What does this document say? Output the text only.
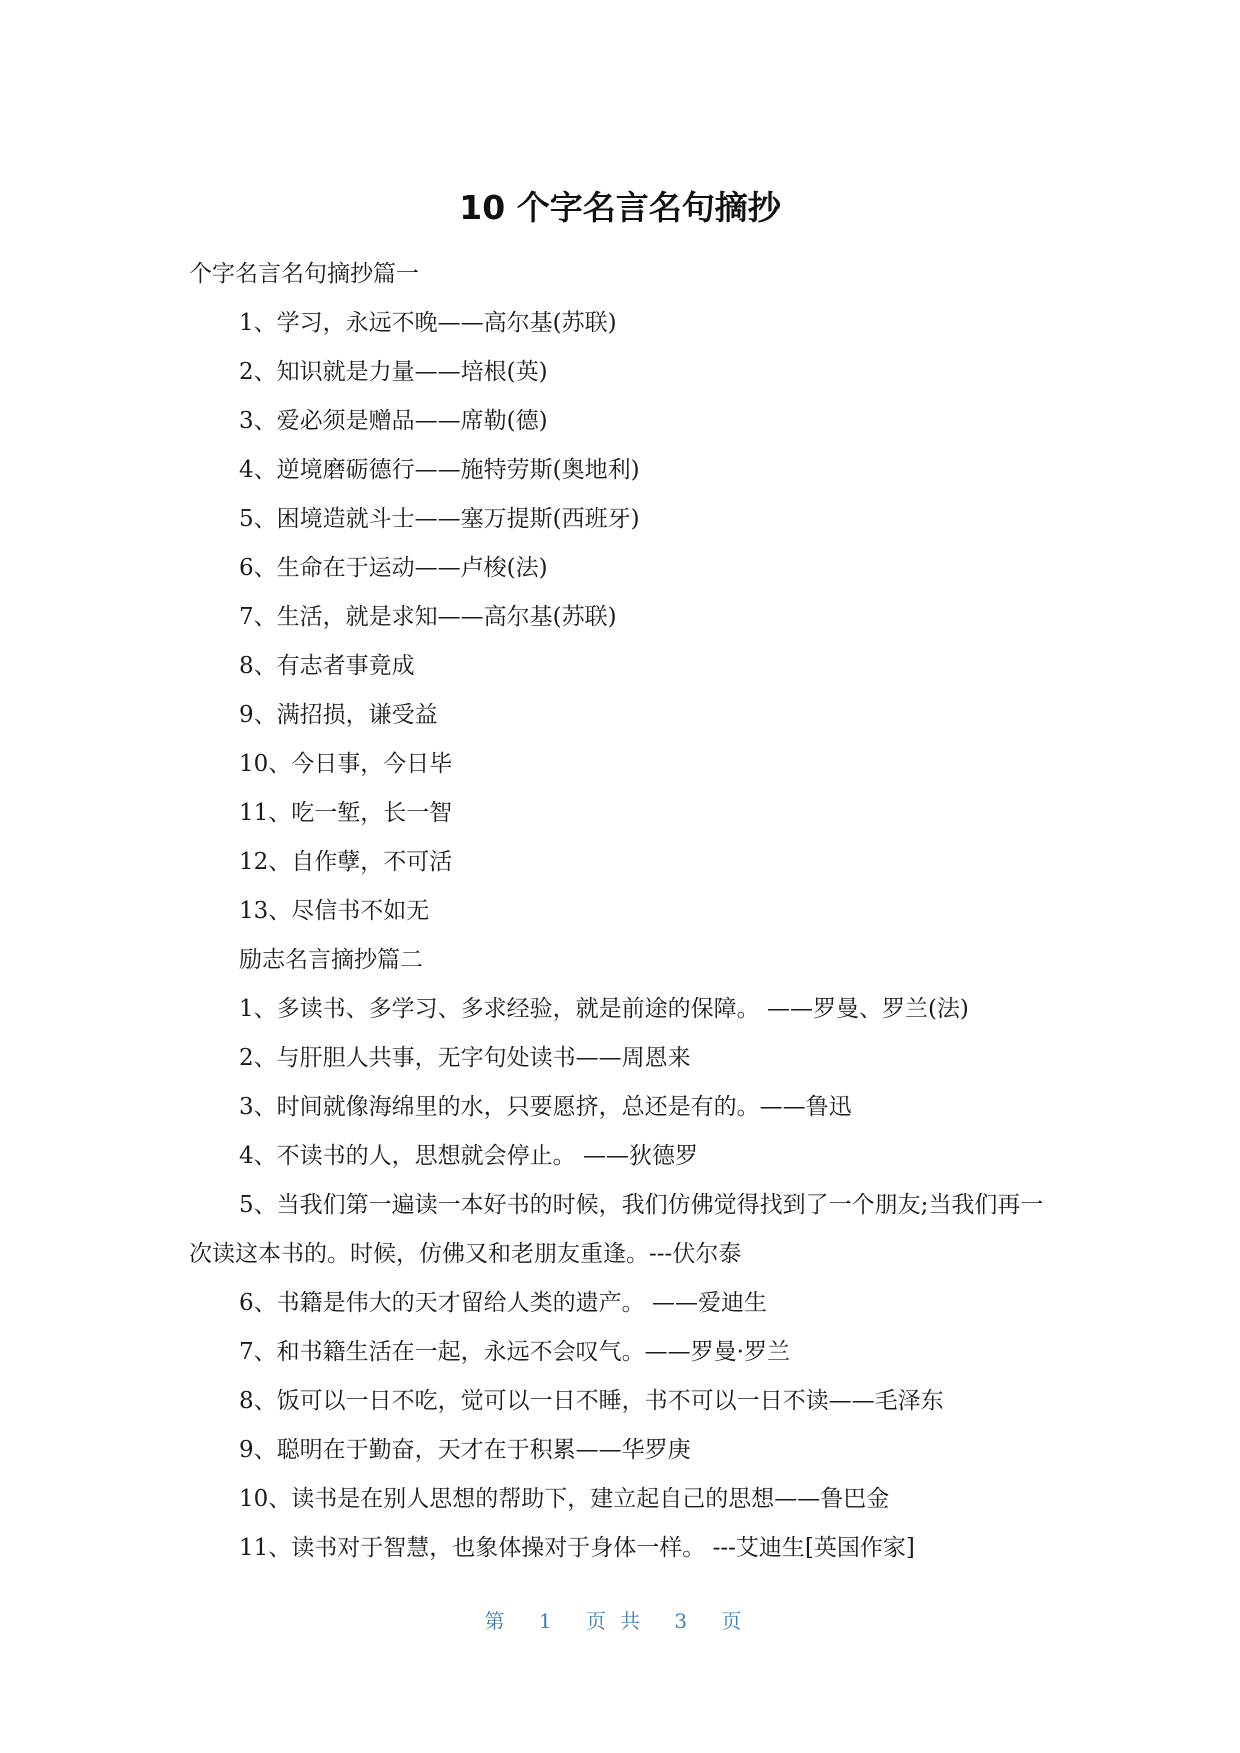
10 个字名言名句摘抄

个字名言名句摘抄篇一

1、学习，永远不晚——高尔基(苏联)

2、知识就是力量——培根(英)

3、爱必须是赠品——席勒(德)

4、逆境磨砺德行——施特劳斯(奥地利)

5、困境造就斗士——塞万提斯(西班牙)

6、生命在于运动——卢梭(法)

7、生活，就是求知——高尔基(苏联)

8、有志者事竟成

9、满招损，谦受益

10、今日事，今日毕

11、吃一堑，长一智

12、自作孽，不可活

13、尽信书不如无

励志名言摘抄篇二

1、多读书、多学习、多求经验，就是前途的保障。 ——罗曼、罗兰(法)

2、与肝胆人共事，无字句处读书——周恩来

3、时间就像海绵里的水，只要愿挤，总还是有的。——鲁迅

4、不读书的人，思想就会停止。 ——狄德罗

5、当我们第一遍读一本好书的时候，我们仿佛觉得找到了一个朋友;当我们再一次读这本书的。时候，仿佛又和老朋友重逢。---伏尔泰

6、书籍是伟大的天才留给人类的遗产。 ——爱迪生

7、和书籍生活在一起，永远不会叹气。——罗曼·罗兰

8、饭可以一日不吃，觉可以一日不睡，书不可以一日不读——毛泽东

9、聪明在于勤奋，天才在于积累——华罗庚

10、读书是在别人思想的帮助下，建立起自己的思想——鲁巴金

11、读书对于智慧，也象体操对于身体一样。 ---艾迪生[英国作家]

第 1 页共 3 页
